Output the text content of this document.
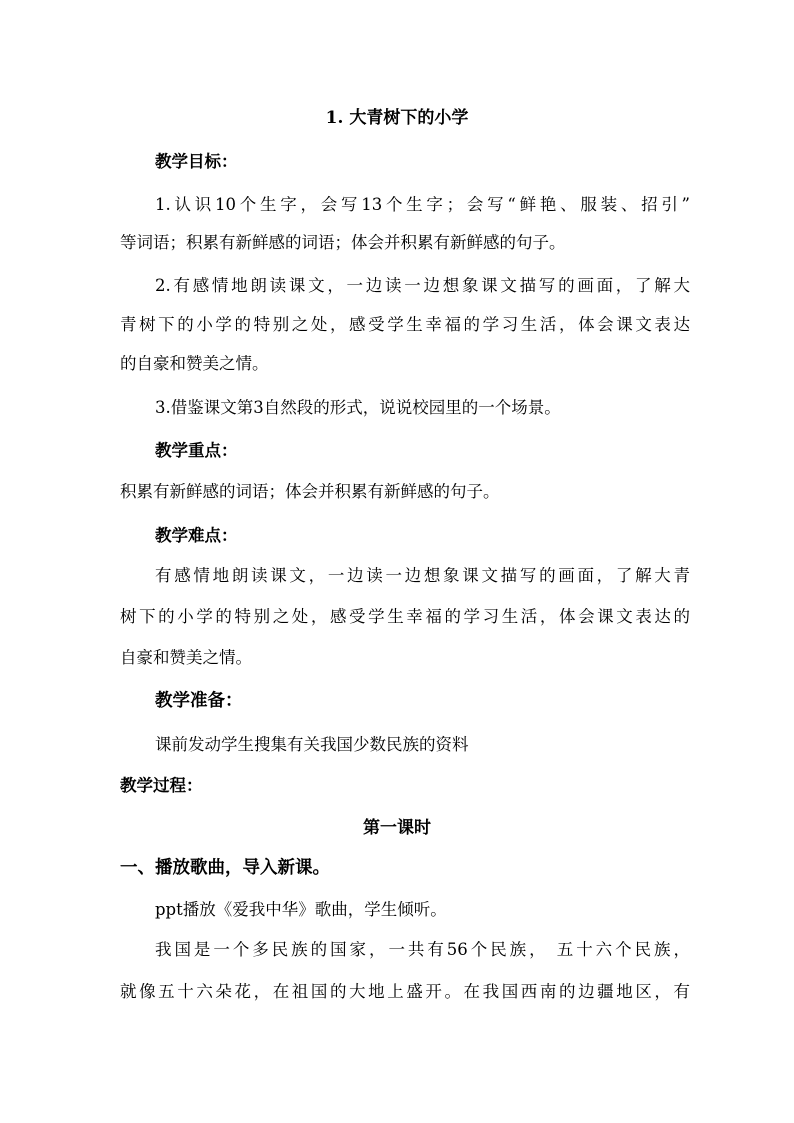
1. 大青树下的小学
教学目标：
1.认识10个生字，会写13个生字；会写“鲜艳、服装、招引”
等词语；积累有新鲜感的词语；体会并积累有新鲜感的句子。
2.有感情地朗读课文，一边读一边想象课文描写的画面，了解大
青树下的小学的特别之处，感受学生幸福的学习生活，体会课文表达
的自豪和赞美之情。
3.借鉴课文第3自然段的形式，说说校园里的一个场景。
教学重点：
积累有新鲜感的词语；体会并积累有新鲜感的句子。
教学难点：
有感情地朗读课文，一边读一边想象课文描写的画面，了解大青
树下的小学的特别之处，感受学生幸福的学习生活，体会课文表达的
自豪和赞美之情。
教学准备：
课前发动学生搜集有关我国少数民族的资料
教学过程：
第一课时
一、播放歌曲，导入新课。
ppt播放《爱我中华》歌曲，学生倾听。
我国是一个多民族的国家，一共有56个民族， 五十六个民族，
就像五十六朵花，在祖国的大地上盛开。在我国西南的边疆地区，有
